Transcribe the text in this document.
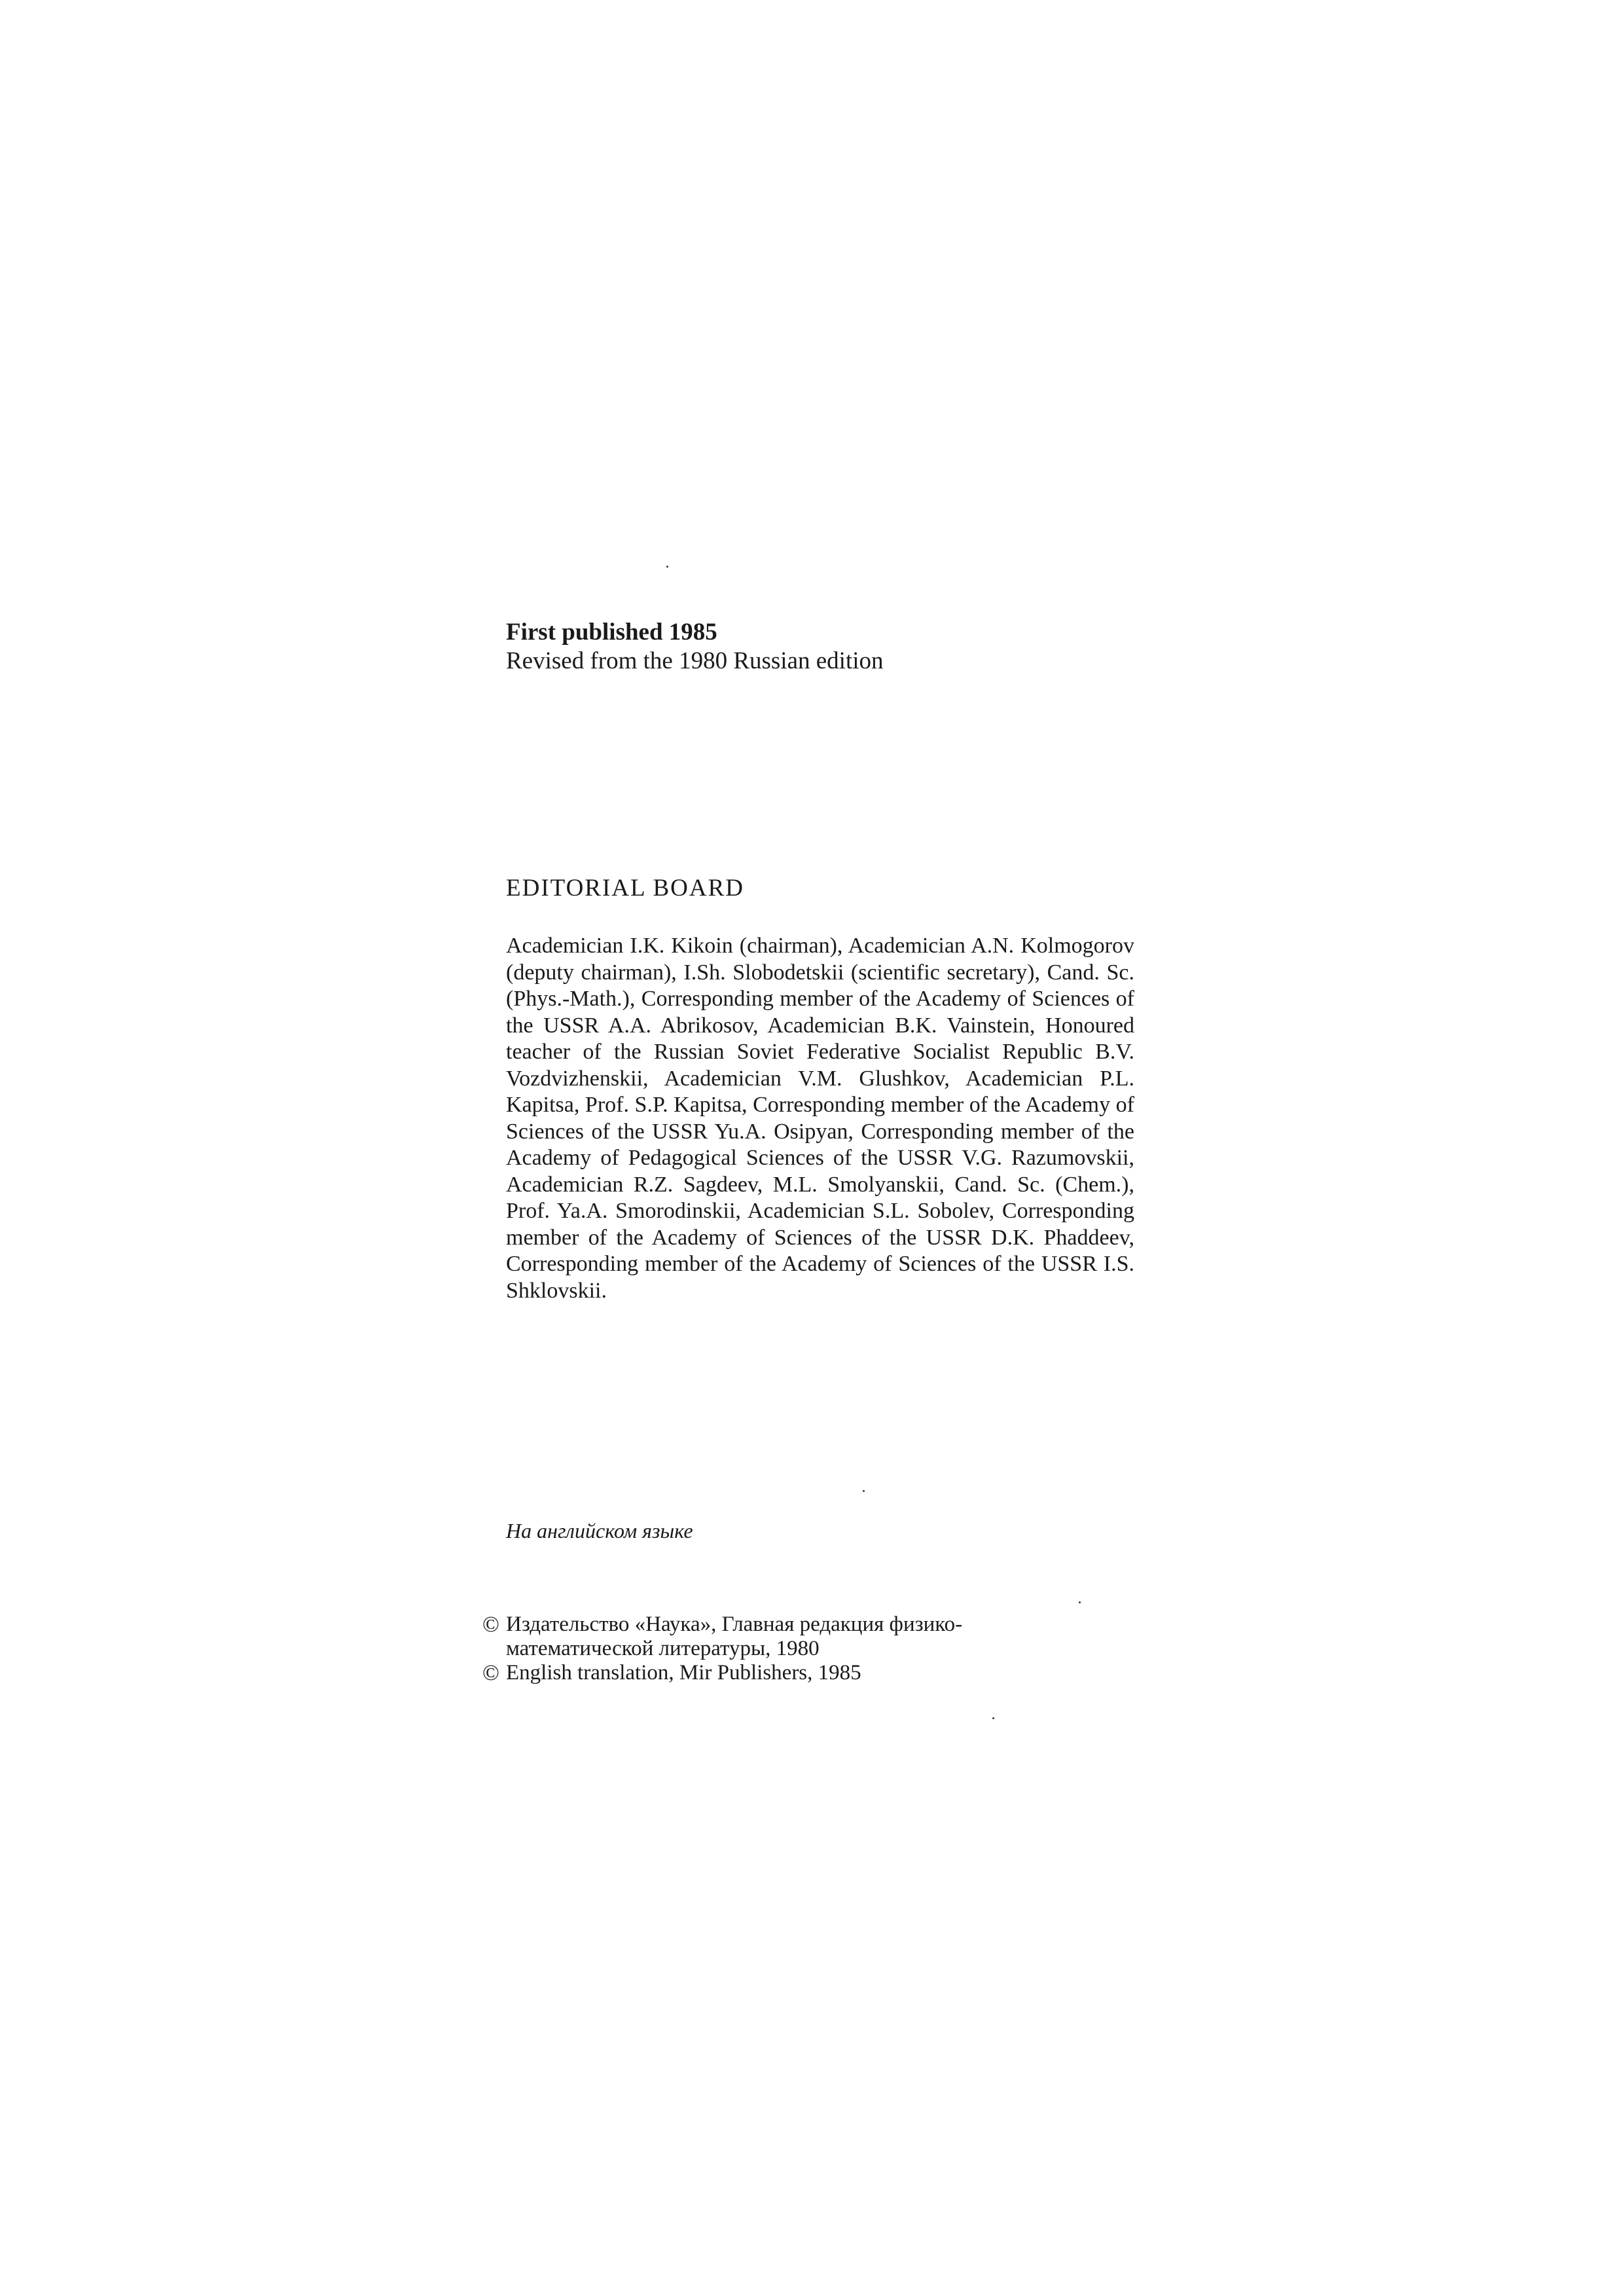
First published 1985
Revised from the 1980 Russian edition
EDITORIAL BOARD
Academician I.K. Kikoin (chairman), Academician A.N. Kolmogorov (deputy chairman), I.Sh. Slobodetskii (scientific secretary), Cand. Sc. (Phys.-Math.), Corresponding member of the Academy of Sciences of the USSR A.A. Abrikosov, Academician B.K. Vainstein, Honoured teacher of the Russian Soviet Federative Socialist Republic B.V. Vozdvizhenskii, Academician V.M. Glushkov, Academician P.L. Kapitsa, Prof. S.P. Kapitsa, Corresponding member of the Academy of Sciences of the USSR Yu.A. Osipyan, Corresponding member of the Academy of Pedagogical Sciences of the USSR V.G. Razumovskii, Academician R.Z. Sagdeev, M.L. Smolyanskii, Cand. Sc. (Chem.), Prof. Ya.A. Smorodinskii, Academician S.L. Sobolev, Corresponding member of the Academy of Sciences of the USSR D.K. Phaddeev, Corresponding member of the Academy of Sciences of the USSR I.S. Shklovskii.
На английском языке
© Издательство «Наука», Главная редакция физико-
математической литературы, 1980
© English translation, Mir Publishers, 1985
